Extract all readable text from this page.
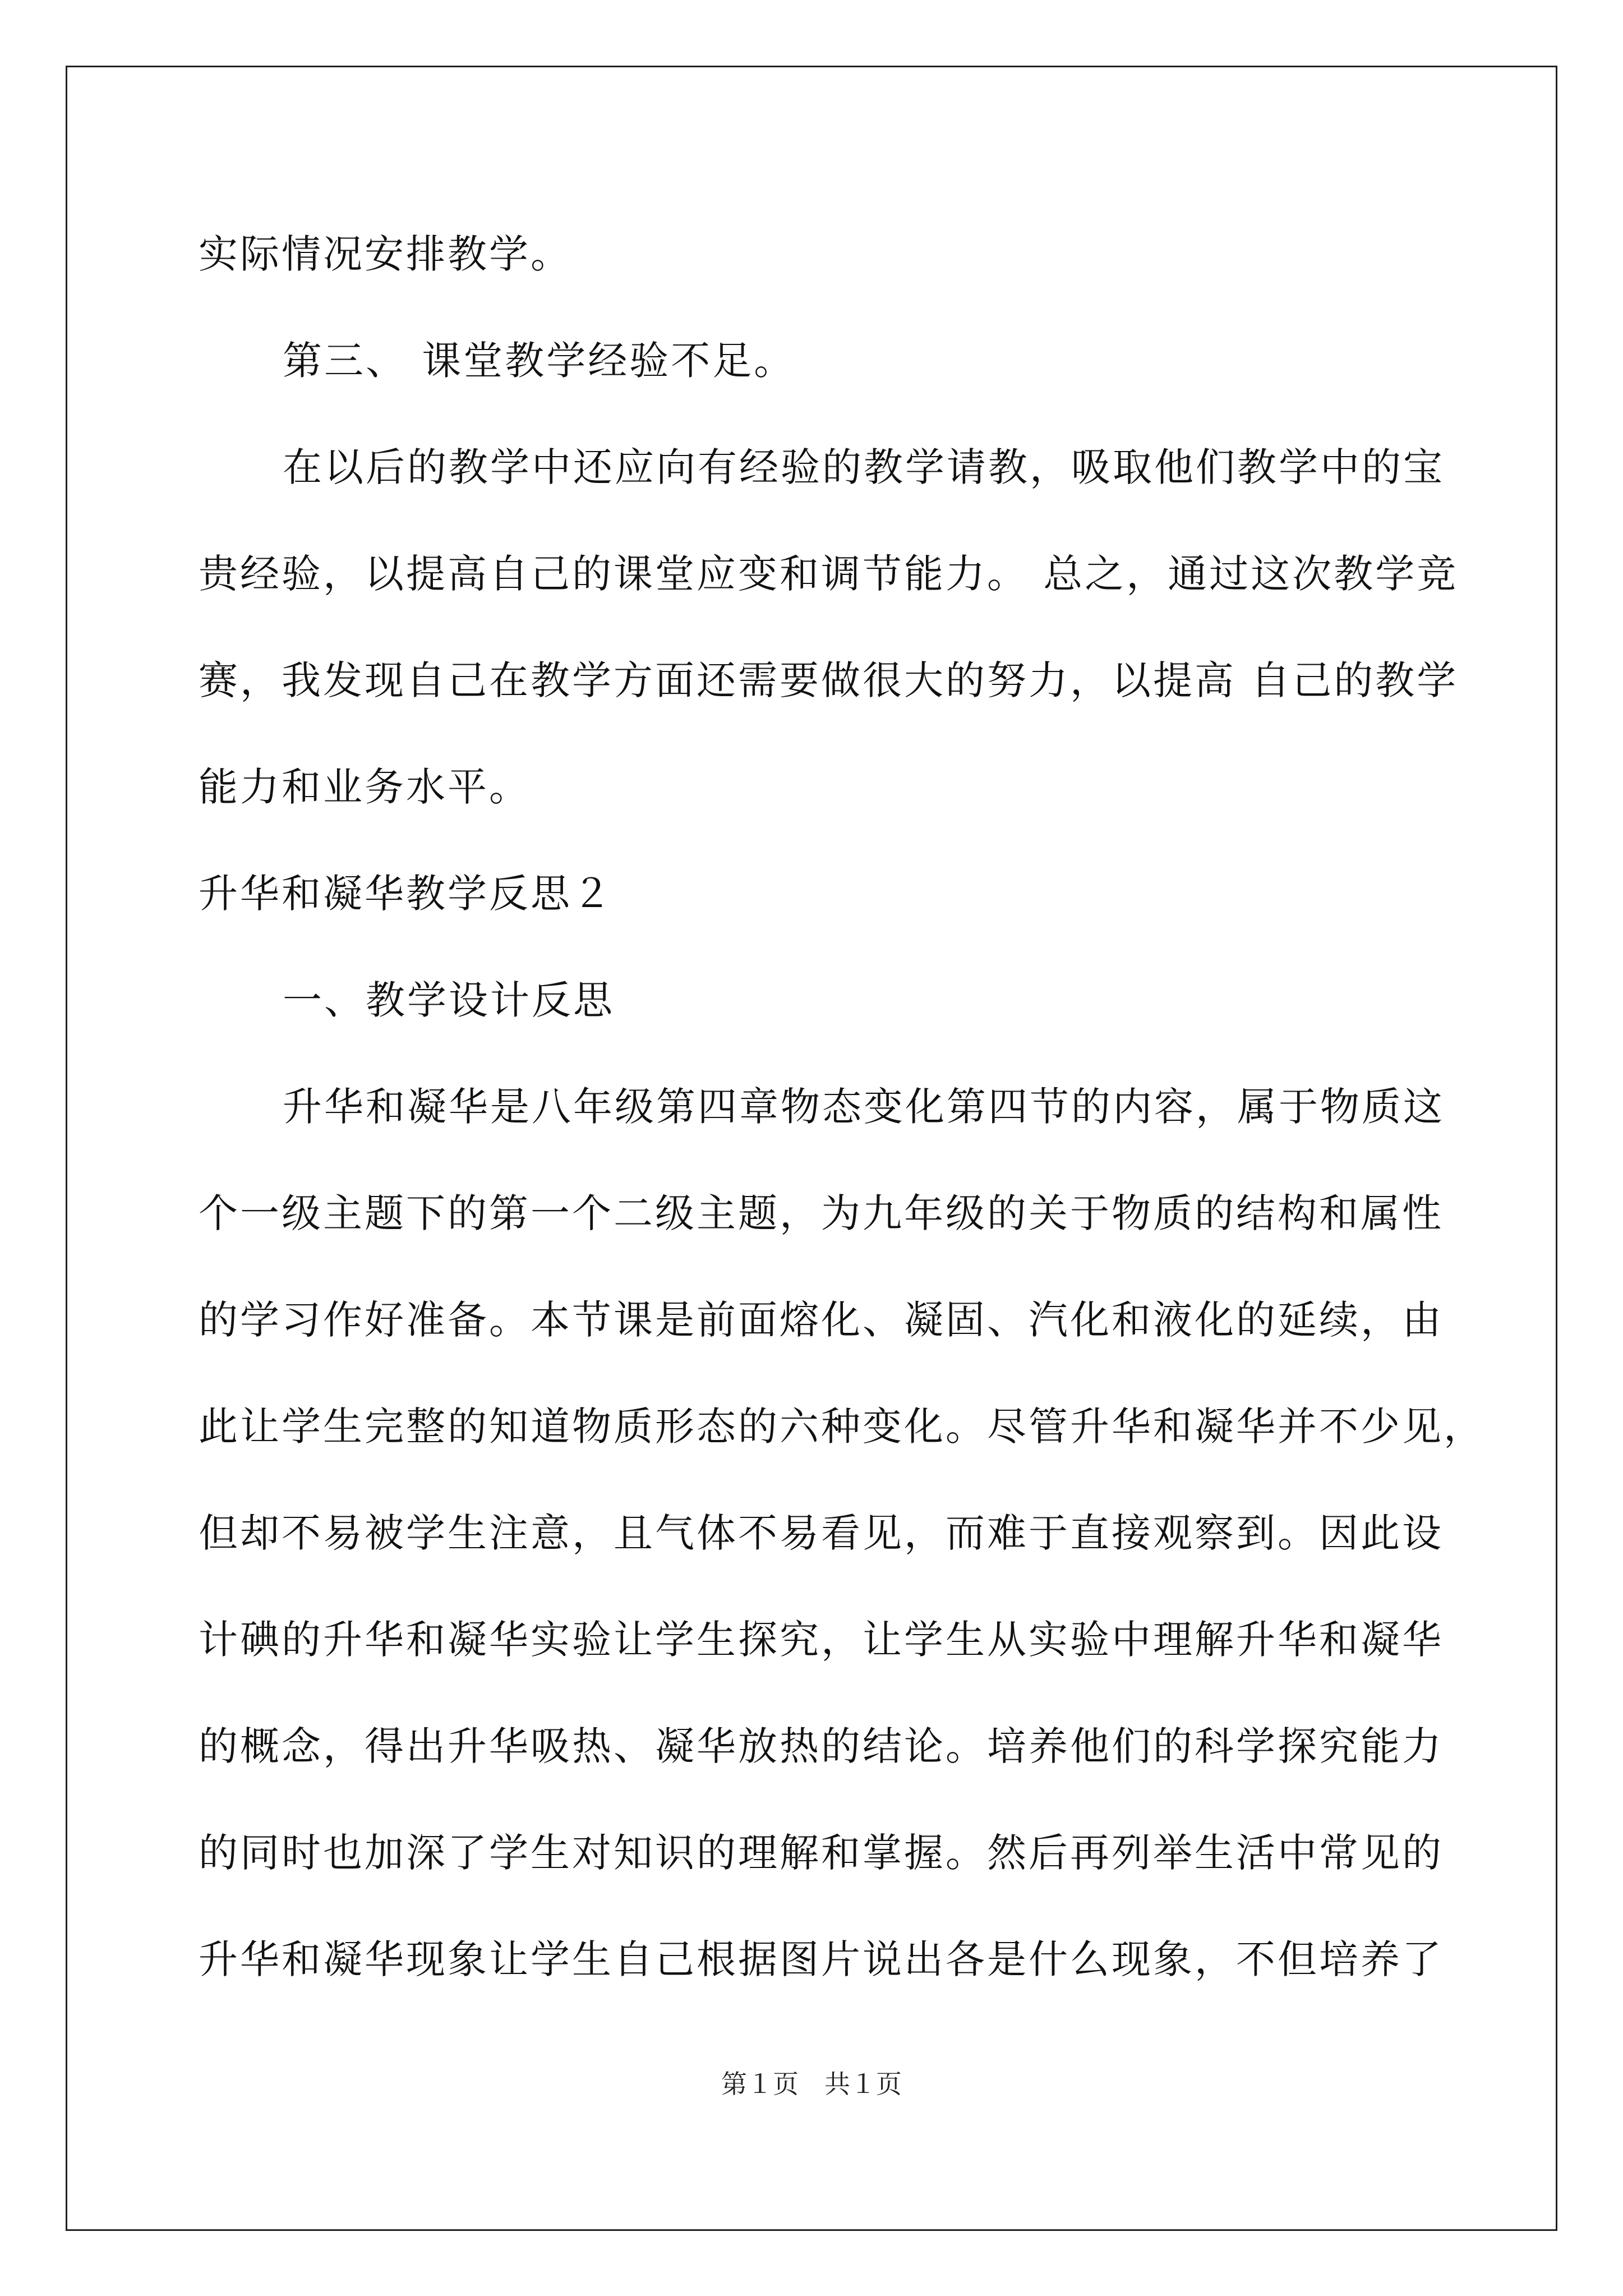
实际情况安排教学。
第三、 课堂教学经验不足。
在以后的教学中还应向有经验的教学请教，吸取他们教学中的宝
贵经验，以提高自己的课堂应变和调节能力。 总之，通过这次教学竞
赛，我发现自己在教学方面还需要做很大的努力，以提高 自己的教学
能力和业务水平。
升华和凝华教学反思２
一、教学设计反思
升华和凝华是八年级第四章物态变化第四节的内容，属于物质这
个一级主题下的第一个二级主题，为九年级的关于物质的结构和属性
的学习作好准备。本节课是前面熔化、凝固、汽化和液化的延续，由
此让学生完整的知道物质形态的六种变化。尽管升华和凝华并不少见，
但却不易被学生注意，且气体不易看见，而难于直接观察到。因此设
计碘的升华和凝华实验让学生探究，让学生从实验中理解升华和凝华
的概念，得出升华吸热、凝华放热的结论。培养他们的科学探究能力
的同时也加深了学生对知识的理解和掌握。然后再列举生活中常见的
升华和凝华现象让学生自己根据图片说出各是什么现象，不但培养了
第１页　共１页
